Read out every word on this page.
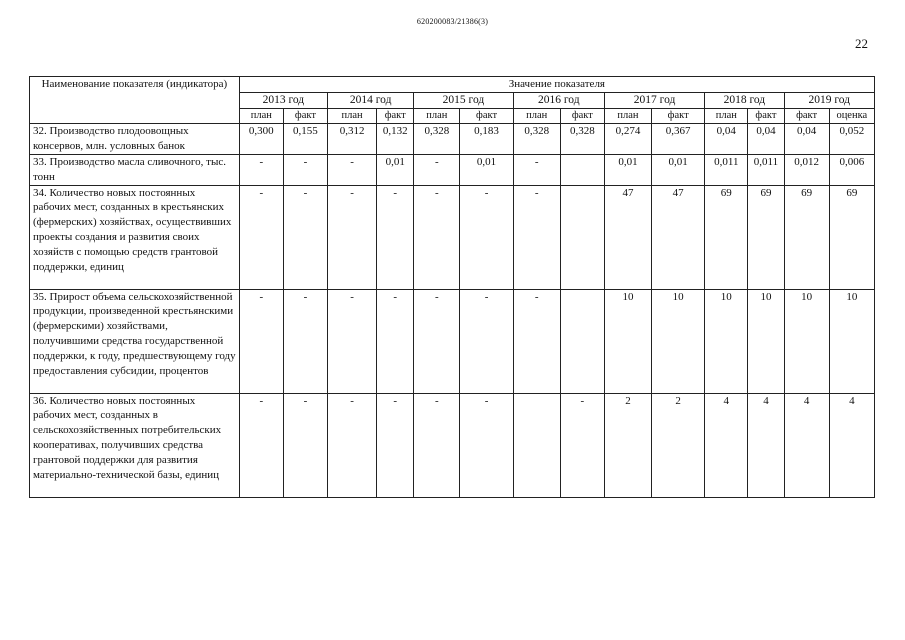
620200083/21386(3)
22
Наименование показателя (индикатора)	Значение показателя													
	2013 год		2014 год		2015 год		2016 год		2017 год		2018 год		2019 год	
	план	факт	план	факт	план	факт	план	факт	план	факт	план	факт	факт	оценка
32. Производство плодоовощных консервов, млн. условных банок	0,300	0,155	0,312	0,132	0,328	0,183	0,328	0,328	0,274	0,367	0,04	0,04	0,04	0,052
33. Производство масла сливочного, тыс. тонн	-	-	-	0,01	-	0,01	-		0,01	0,01	0,011	0,011	0,012	0,006
34. Количество новых постоянных рабочих мест, созданных в крестьянских (фермерских) хозяйствах, осуществивших проекты создания и развития своих хозяйств с помощью средств грантовой поддержки, единиц	-	-	-	-	-	-	-		47	47	69	69	69	69
35. Прирост объема сельскохозяйственной продукции, произведенной крестьянскими (фермерскими) хозяйствами, получившими средства государственной поддержки, к году, предшествующему году предоставления субсидии, процентов	-	-	-	-	-	-	-		10	10	10	10	10	10
36. Количество новых постоянных рабочих мест, созданных в сельскохозяйственных потребительских кооперативах, получивших средства грантовой поддержки для развития материально-технической базы, единиц	-	-	-	-	-	-		-	2	2	4	4	4	4
